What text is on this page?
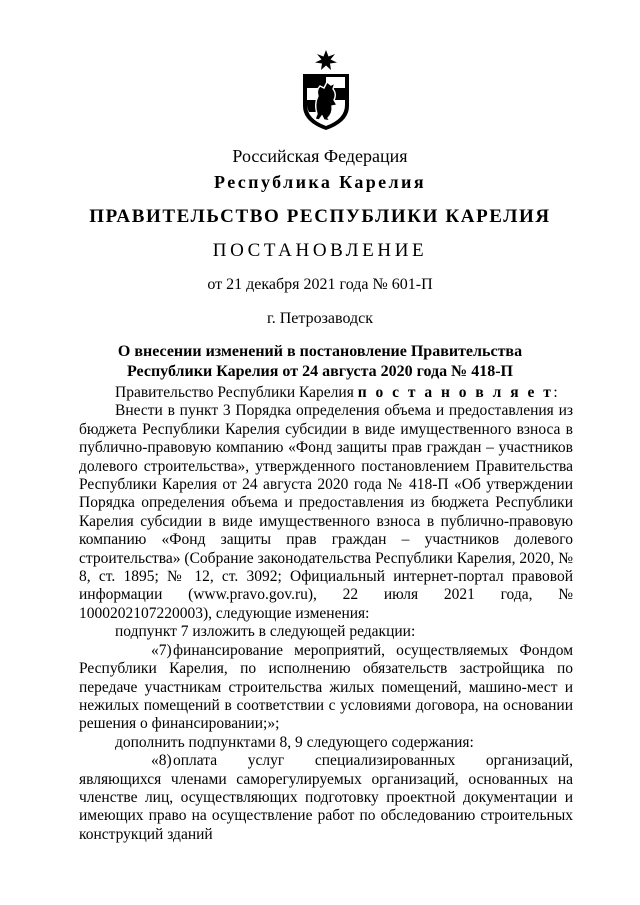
Российская Федерация
Республика Карелия
ПРАВИТЕЛЬСТВО РЕСПУБЛИКИ КАРЕЛИЯ
ПОСТАНОВЛЕНИЕ
от 21 декабря 2021 года № 601-П
г. Петрозаводск
О внесении изменений в постановление Правительства
Республики Карелия от 24 августа 2020 года № 418-П

Правительство Республики Карелия п о с т а н о в л я е т:

Внести в пункт 3 Порядка определения объема и предоставления из бюджета Республики Карелия субсидии в виде имущественного взноса в публично-правовую компанию «Фонд защиты прав граждан – участников долевого строительства», утвержденного постановлением Правительства Республики Карелия от 24 августа 2020 года № 418-П «Об утверждении Порядка определения объема и предоставления из бюджета Республики Карелия субсидии в виде имущественного взноса в публично-правовую компанию «Фонд защиты прав граждан – участников долевого строительства» (Собрание законодательства Республики Карелия, 2020, № 8, ст. 1895; № 12, ст. 3092; Официальный интернет-портал правовой информации (www.pravo.gov.ru), 22 июля 2021 года, № 1000202107220003), следующие изменения:

подпункт 7 изложить в следующей редакции:

«7)финансирование мероприятий, осуществляемых Фондом Республики Карелия, по исполнению обязательств застройщика по передаче участникам строительства жилых помещений, машино-мест и нежилых помещений в соответствии с условиями договора, на основании решения о финансировании;»;

дополнить подпунктами 8, 9 следующего содержания:

«8)оплата услуг специализированных организаций, являющихся членами саморегулируемых организаций, основанных на членстве лиц, осуществляющих подготовку проектной документации и имеющих право на осуществление работ по обследованию строительных конструкций зданий
